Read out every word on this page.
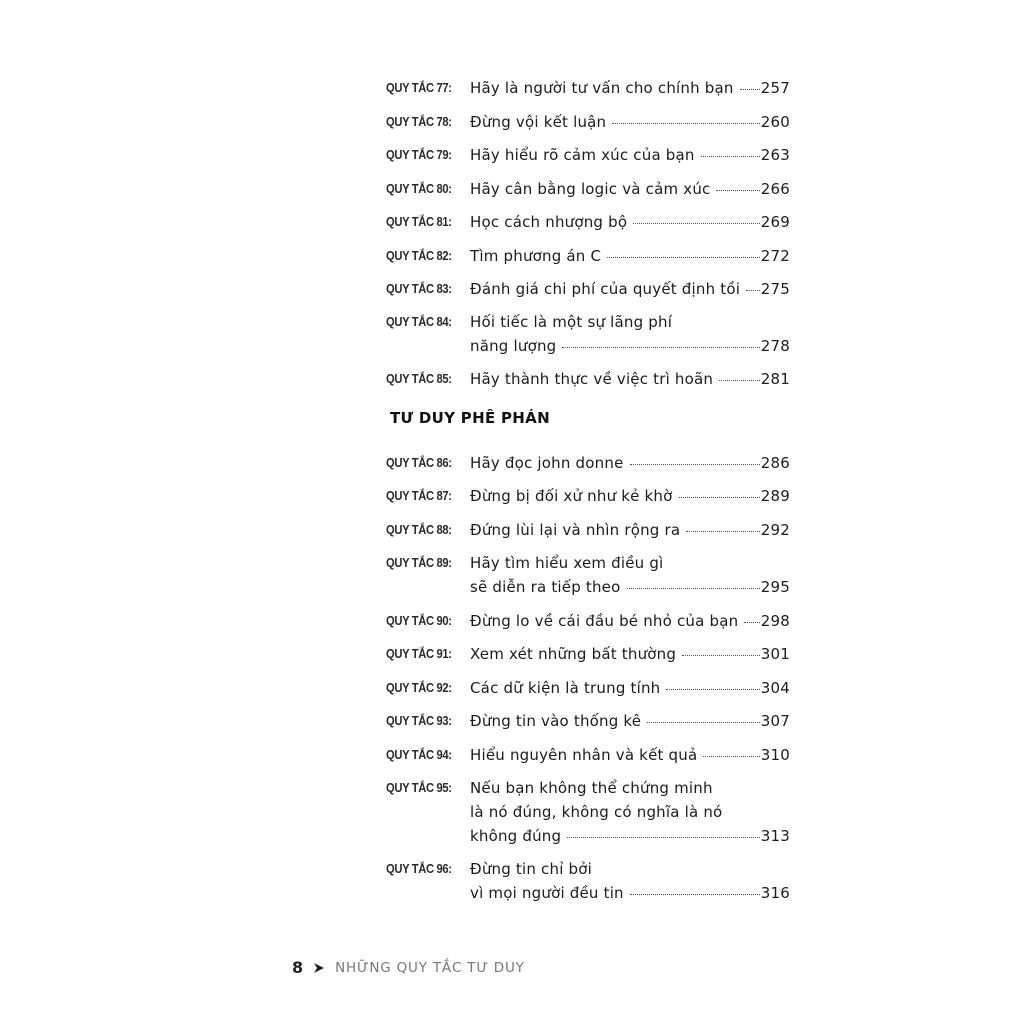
TƯ DUY PHÊ PHÁN
QUY TẮC 77: Hãy là người tư vấn cho chính bạn 257
QUY TẮC 78: Đừng vội kết luận	260
QUY TẮC 79: Hãy hiểu rõ cảm xúc của bạn	263
QUY TẮC 80: Hãy cân bằng logic và cảm xúc	266
QUY TẮC 81: Học cách nhượng bộ	269
QUY TẮC 82: Tìm phương án C	272
QUY TẮC 83: Đánh giá chi phí của quyết định tồi 275
QUY TẮC 84: Hối tiếc là một sự lãng phí
năng lượng	278
QUY TẮC 85: Hãy thành thực về việc trì hoãn	281
QUY TẮC 86: Hãy đọc john donne	286
QUY TẮC 87: Đừng bị đối xử như kẻ khờ	289
QUY TẮC 88: Đứng lùi lại và nhìn rộng ra	292
QUY TẮC 89: Hãy tìm hiểu xem điều gì
sẽ diễn ra tiếp theo	295
QUY TẮC 90: Đừng lo về cái đầu bé nhỏ của bạn 298
QUY TẮC 91: Xem xét những bất thường	301
QUY TẮC 92: Các dữ kiện là trung tính	304
QUY TẮC 93: Đừng tin vào thống kê	307
QUY TẮC 94: Hiểu nguyên nhân và kết quả	310
QUY TẮC 95: Nếu bạn không thể chứng minh
là nó đúng, không có nghĩa là nó
không đúng	313
QUY TẮC 96: Đừng tin chỉ bởi
vì mọi người đều tin	316
8 NHỮNG QUY TẮC TƯ DUY
